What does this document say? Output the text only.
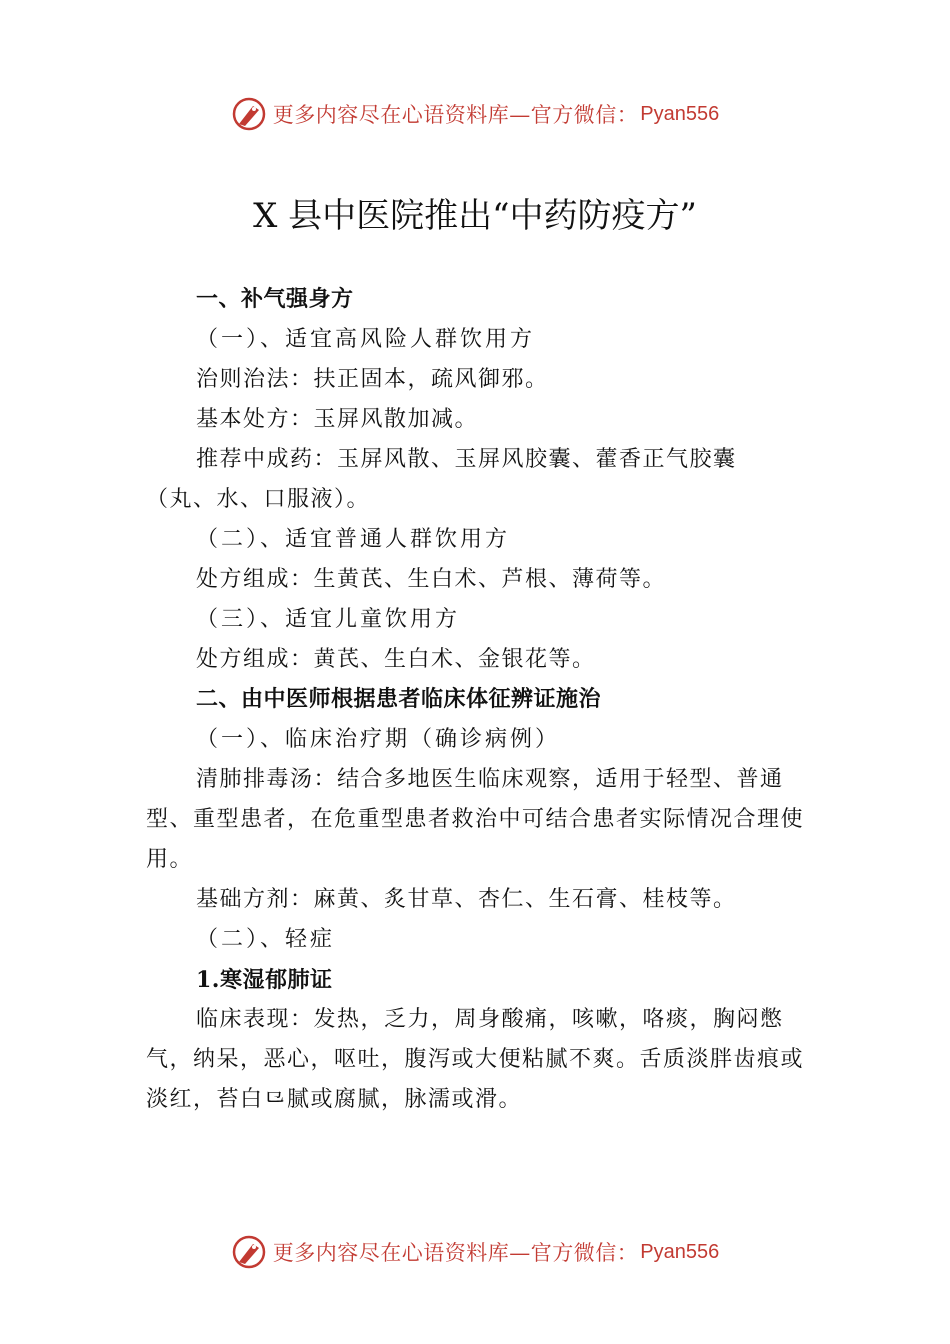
更多内容尽在心语资料库—官方微信： Pyan556
X 县中医院推出“中药防疫方”

一、补气强身方

（一）、适宜高风险人群饮用方

治则治法：扶正固本，疏风御邪。

基本处方：玉屏风散加减。

推荐中成药：玉屏风散、玉屏风胶囊、藿香正气胶囊（丸、水、口服液）。

（二）、适宜普通人群饮用方

处方组成：生黄芪、生白术、芦根、薄荷等。

（三）、适宜儿童饮用方

处方组成：黄芪、生白术、金银花等。

二、由中医师根据患者临床体征辨证施治

（一）、临床治疗期（确诊病例）

清肺排毒汤：结合多地医生临床观察，适用于轻型、普通型、重型患者，在危重型患者救治中可结合患者实际情况合理使用。

基础方剂：麻黄、炙甘草、杏仁、生石膏、桂枝等。

（二）、轻症

1.寒湿郁肺证

临床表现：发热，乏力，周身酸痛，咳嗽，咯痰，胸闷憋气，纳呆，恶心，呕吐，腹泻或大便粘腻不爽。舌质淡胖齿痕或淡红，苔白⺋腻或腐腻，脉濡或滑。

更多内容尽在心语资料库—官方微信： Pyan556
